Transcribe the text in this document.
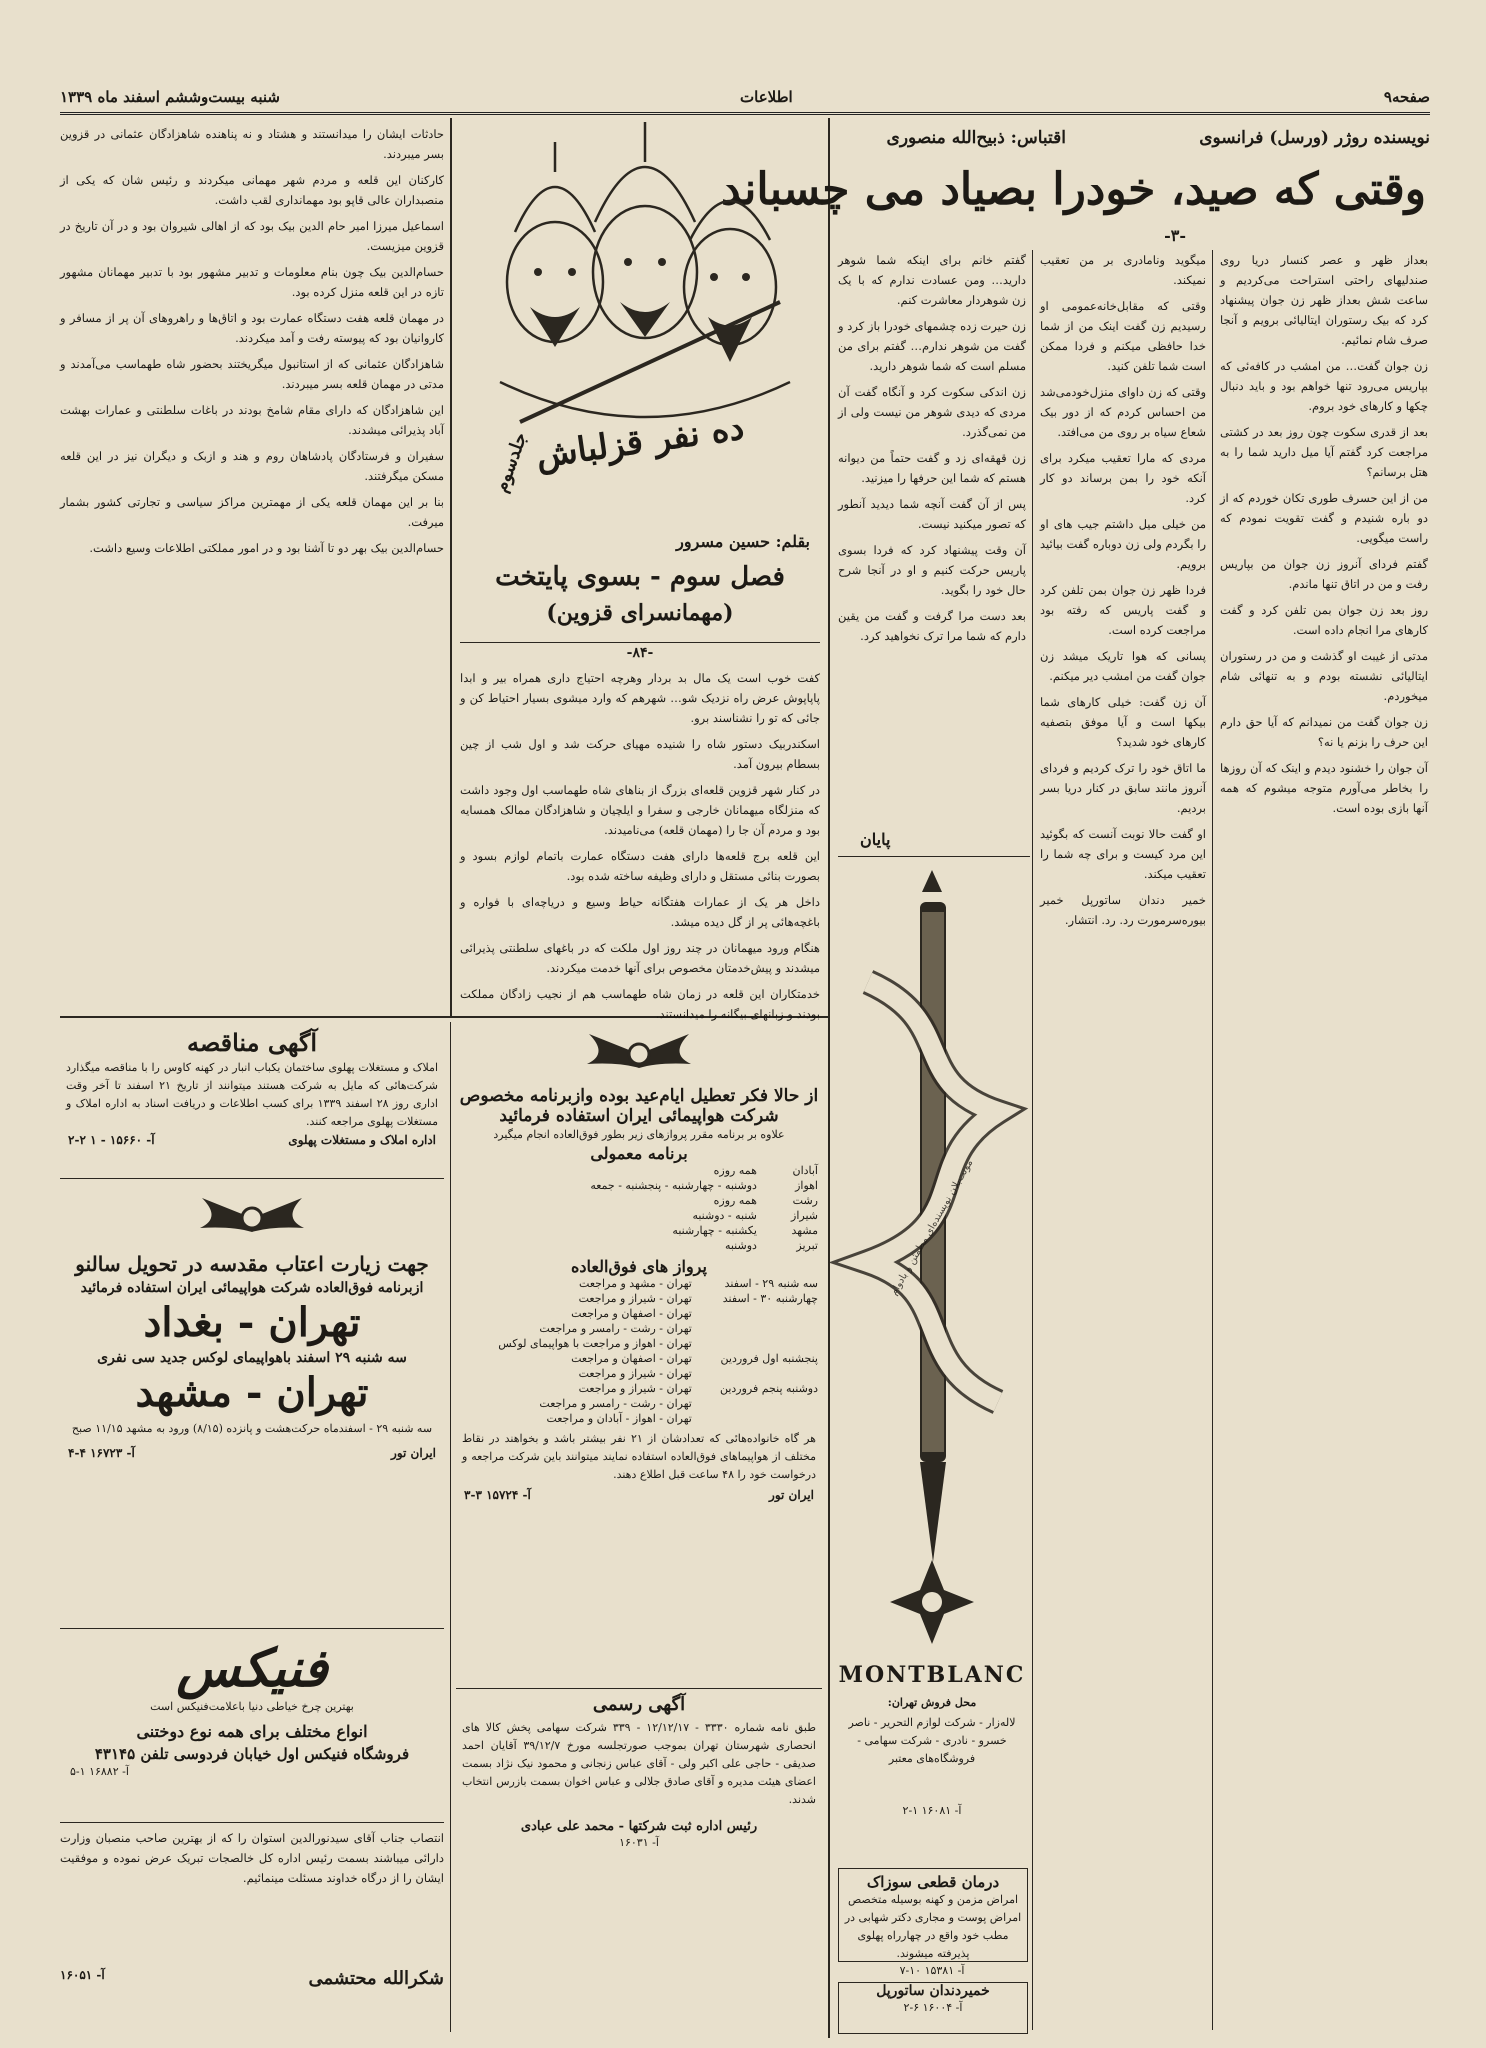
صفحه۹
اطلاعات
شنبه بیست‌وششم اسفند ماه ۱۳۳۹
نویسنده روژر (ورسل) فرانسوی
اقتباس: ذبیح‌الله منصوری
وقتی که صید، خودرا بصیاد می چسباند
-۳-

بعداز ظهر و عصر کنسار دریا روی صندلیهای راحتی استراحت می‌کردیم و ساعت شش بعداز ظهر زن جوان پیشنهاد کرد که بیک رستوران ایتالیائی برویم و آنجا صرف شام نمائیم.

زن جوان گفت… من امشب در کافه‌ئی که بپاریس می‌رود تنها خواهم بود و باید دنبال چکها و کارهای خود بروم.

بعد از قدری سکوت چون روز بعد در کشتی مراجعت کرد گفتم آیا میل دارید شما را به هتل برسانم؟

من از این حسرف طوری تکان خوردم که از دو باره شنیدم و گفت تقویت نمودم که راست میگویی.

گفتم فردای آنروز زن جوان من بپاریس رفت و من در اتاق تنها ماندم.

روز بعد زن جوان بمن تلفن کرد و گفت کارهای مرا انجام داده است.

مدتی از غیبت او گذشت و من در رستوران ایتالیائی نشسته بودم و به تنهائی شام میخوردم.

زن جوان گفت من نمیدانم که آیا حق دارم این حرف را بزنم یا نه؟

آن جوان را خشنود دیدم و اینک که آن روزها را بخاطر می‌آورم متوجه میشوم که همه آنها بازی بوده است.

میگوید ونامادری بر من تعقیب نمیکند.

وقتی که مقابل‌خانه‌عمومی او رسیدیم زن گفت اینک من از شما خدا حافظی میکنم و فردا ممکن است شما تلفن کنید.

وقتی که زن داوای منزل‌خودمی‌شد من احساس کردم که از دور بیک شعاع سیاه بر روی من می‌افتد.

مردی که مارا تعقیب میکرد برای آنکه خود را بمن برساند دو کار کرد.

من خیلی میل داشتم جیب های او را بگردم ولی زن دوباره گفت بیائید برویم.

فردا ظهر زن جوان بمن تلفن کرد و گفت پاریس که رفته بود مراجعت کرده است.

پسانی که هوا تاریک میشد زن جوان گفت من امشب دیر میکنم.

آن زن گفت: خیلی کارهای شما بیکها است و آیا موفق بتصفیه کارهای خود شدید؟

ما اتاق خود را ترک کردیم و فردای آنروز مانند سابق در کنار دریا بسر بردیم.

او گفت حالا نوبت آنست که بگوئید این مرد کیست و برای چه شما را تعقیب میکند.

خمیر دندان ساتورپل خمیر بیوره‌سرمورت رد. رد. انتشار.

گفتم خانم برای اینکه شما شوهر دارید… ومن عسادت ندارم که با یک زن شوهردار معاشرت کنم.

زن حیرت زده چشمهای خودرا باز کرد و گفت من شوهر ندارم… گفتم برای من مسلم است که شما شوهر دارید.

زن اندکی سکوت کرد و آنگاه گفت آن مردی که دیدی شوهر من نیست ولی از من نمی‌گذرد.

زن قهقه‌ای زد و گفت حتماً من دیوانه هستم که شما این حرفها را میزنید.

پس از آن گفت آنچه شما دیدید آنطور که تصور میکنید نیست.

آن وقت پیشنهاد کرد که فردا بسوی پاریس حرکت کنیم و او در آنجا شرح حال خود را بگوید.

بعد دست مرا گرفت و گفت من یقین دارم که شما مرا ترک نخواهید کرد.

پایان
مونت‌بلان نویسنده‌ای مطمئن و بادوام
MONTBLANC
محل فروش تهران:
لاله‌زار - شرکت لوازم التحریر - ناصر خسرو - نادری - شرکت سهامی - فروشگاه‌های معتبر
آ- ۱۶۰۸۱ ۱-۲
درمان قطعی سوزاک
امراض مزمن و کهنه بوسیله متخصص امراض پوست و مجاری دکتر شهابی در مطب خود واقع در چهارراه پهلوی پذیرفته میشوند.
آ- ۱۵۳۸۱ ۱۰-۷
خمیردندان ساتورپل
آ- ۱۶۰۰۴ ۶-۲
ده نفر قزلباش
جلدسوم
بقلم: حسین مسرور
فصل سوم - بسوی پایتخت
(مهمانسرای قزوین)
-۸۴-

کفت خوب است یک مال بد بردار وهرچه احتیاج داری همراه بیر و ابدا پاپاپوش عرض راه نزدیک شو… شهرهم که وارد میشوی بسیار احتیاط کن و جائی که تو را نشناسند برو.

اسکندربیک دستور شاه را شنیده مهیای حرکت شد و اول شب از چین بسطام بیرون آمد.

در کنار شهر قزوین قلعه‌ای بزرگ از بناهای شاه طهماسب اول وجود داشت که منزلگاه میهمانان خارجی و سفرا و ایلچیان و شاهزادگان ممالک همسایه بود و مردم آن جا را (مهمان قلعه) می‌نامیدند.

این قلعه برج قلعه‌ها دارای هفت دستگاه عمارت باتمام لوازم بسود و بصورت بنائی مستقل و دارای وظیفه ساخته شده بود.

داخل هر یک از عمارات هفتگانه حیاط وسیع و دریاچه‌ای با فواره و باغچه‌هائی پر از گل دیده میشد.

هنگام ورود میهمانان در چند روز اول ملکت که در باغهای سلطنتی پذیرائی میشدند و پیش‌خدمتان مخصوص برای آنها خدمت میکردند.

خدمتکاران این قلعه در زمان شاه طهماسب هم از نجیب زادگان مملکت بودند و زبانهای بیگانه را میدانستند.

حادثات ایشان را میدانستند و هشتاد و نه پناهنده شاهزادگان عثمانی در قزوین بسر میبردند.

کارکنان این قلعه و مردم شهر مهمانی میکردند و رئیس شان که یکی از منصبداران عالی قاپو بود مهمانداری لقب داشت.

اسماعیل میرزا امیر حام الدین بیک بود که از اهالی شیروان بود و در آن تاریخ در قزوین میزیست.

حسام‌الدین بیک چون بنام معلومات و تدبیر مشهور بود با تدبیر مهمانان مشهور تازه در این قلعه منزل کرده بود.

در مهمان قلعه هفت دستگاه عمارت بود و اتاق‌ها و راهروهای آن پر از مسافر و کاروانیان بود که پیوسته رفت و آمد میکردند.

شاهزادگان عثمانی که از استانبول میگریختند بحضور شاه طهماسب می‌آمدند و مدتی در مهمان قلعه بسر میبردند.

این شاهزادگان که دارای مقام شامخ بودند در باغات سلطنتی و عمارات بهشت آباد پذیرائی میشدند.

سفیران و فرستادگان پادشاهان روم و هند و ازبک و دیگران نیز در این قلعه مسکن میگرفتند.

بنا بر این مهمان قلعه یکی از مهمترین مراکز سیاسی و تجارتی کشور بشمار میرفت.

حسام‌الدین بیک بهر دو تا آشنا بود و در امور مملکتی اطلاعات وسیع داشت.

آگهی مناقصه
املاک و مستغلات پهلوی ساختمان یکباب انبار در کهنه کاوس را با مناقصه میگذارد شرکت‌هائی که مایل به شرکت هستند میتوانند از تاریخ ۲۱ اسفند تا آخر وقت اداری روز ۲۸ اسفند ۱۳۳۹ برای کسب اطلاعات و دریافت اسناد به اداره املاک و مستغلات پهلوی مراجعه کنند.
اداره املاک و مستغلات پهلوی
آ- ۱۵۶۶۰ - ۱ ۲-۲
جهت زیارت اعتاب مقدسه در تحویل سالنو
ازبرنامه فوق‌العاده شرکت هواپیمائی ایران استفاده فرمائید
تهران - بغداد
سه شنبه ۲۹ اسفند باهواپیمای لوکس جدید سی نفری
تهران - مشهد
سه شنبه ۲۹ - اسفندماه حرکت‌هشت و پانزده (۸/۱۵) ورود به مشهد ۱۱/۱۵ صبح
ایران تور
آ- ۱۶۷۲۳ ۴-۴
فنیکس
بهترین چرخ خیاطی دنیا باعلامت‌فنیکس است
انواع مختلف برای همه نوع دوختنی
فروشگاه فنیکس اول خیابان فردوسی تلفن ۴۳۱۴۵
آ- ۱۶۸۸۲ ۱-۵

انتصاب جناب آقای سید‌نورالدین استوان را که از بهترین صاحب منصبان وزارت دارائی میباشند بسمت رئیس اداره کل خالصجات تبریک عرض نموده و موفقیت ایشان را از درگاه خداوند مسئلت مینمائیم.

شکرالله محتشمی
آ- ۱۶۰۵۱
از حالا فکر تعطیل ایام‌عید بوده وازبرنامه مخصوص
شرکت هواپیمائی ایران استفاده فرمائید
علاوه بر برنامه مقرر پروازهای زیر بطور فوق‌العاده انجام میگیرد
برنامه معمولی
آبادان	همه روزه
اهواز	دوشنبه - چهارشنبه - پنجشنبه - جمعه
رشت	همه روزه
شیراز	شنبه - دوشنبه
مشهد	یکشنبه - چهارشنبه
تبریز	دوشنبه
پرواز های فوق‌العاده
سه شنبه ۲۹ - اسفند	تهران - مشهد و مراجعت
چهارشنبه ۳۰ - اسفند	تهران - شیراز و مراجعت
	تهران - اصفهان و مراجعت
	تهران - رشت - رامسر و مراجعت
	تهران - اهواز و مراجعت با هواپیمای لوکس
پنجشنبه اول فروردین	تهران - اصفهان و مراجعت
	تهران - شیراز و مراجعت
دوشنبه پنجم فروردین	تهران - شیراز و مراجعت
	تهران - رشت - رامسر و مراجعت
	تهران - اهواز - آبادان و مراجعت
هر گاه خانواده‌هائی که تعدادشان از ۲۱ نفر بیشتر باشد و بخواهند در نقاط مختلف از هواپیماهای فوق‌العاده استفاده نمایند میتوانند باین شرکت مراجعه و درخواست خود را ۴۸ ساعت قبل اطلاع دهند.
ایران تور
آ- ۱۵۷۲۴ ۳-۳
آگهی رسمی
طبق نامه شماره ۳۳۳۰ - ۱۲/۱۲/۱۷ - ۳۳۹ شرکت سهامی پخش کالا های انحصاری شهرستان تهران بموجب صورتجلسه مورخ ۳۹/۱۲/۷ آقایان احمد صدیقی - حاجی علی اکبر ولی - آقای عباس زنجانی و محمود نیک نژاد بسمت اعضای هیئت مدیره و آقای صادق جلالی و عباس اخوان بسمت بازرس انتخاب شدند.
رئیس اداره ثبت شرکتها - محمد علی عبادی
آ- ۱۶۰۳۱
